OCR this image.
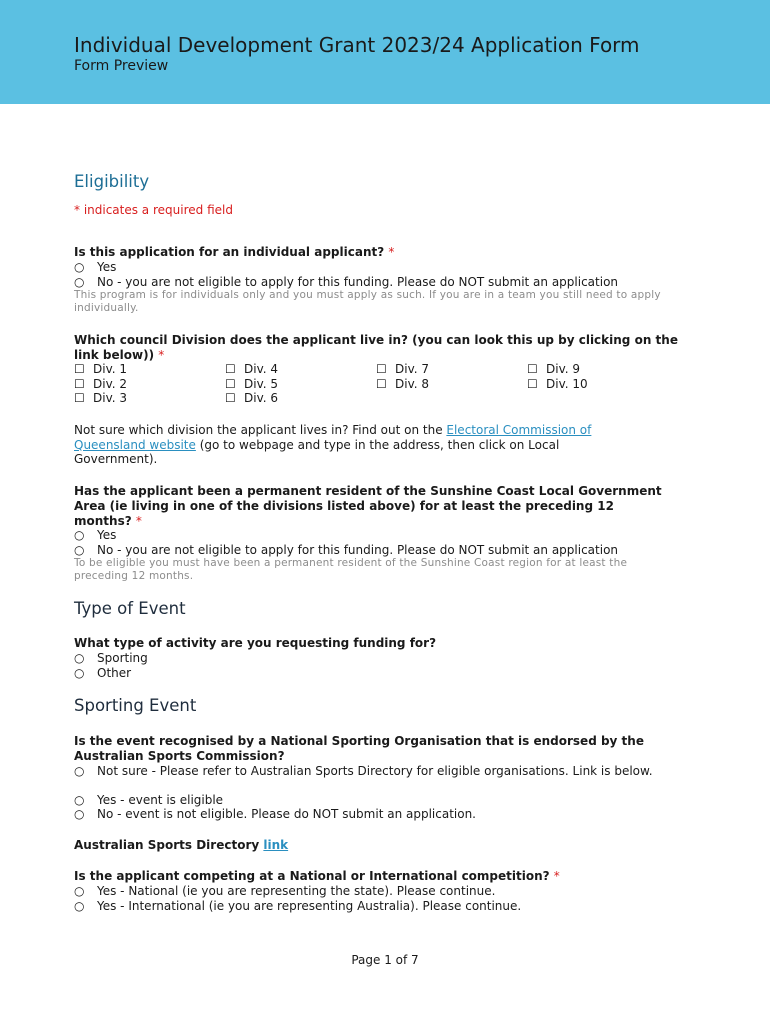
Individual Development Grant 2023/24 Application Form
Form Preview
Eligibility
* indicates a required field
Is this application for an individual applicant? *
○ Yes
○ No - you are not eligible to apply for this funding. Please do NOT submit an application
This program is for individuals only and you must apply as such. If you are in a team you still need to apply individually.
Which council Division does the applicant live in? (you can look this up by clicking on the link below)) *
☐ Div. 1
☐ Div. 2
☐ Div. 3
☐ Div. 4
☐ Div. 5
☐ Div. 6
☐ Div. 7
☐ Div. 8
☐ Div. 9
☐ Div. 10
Not sure which division the applicant lives in? Find out on the Electoral Commission of Queensland website (go to webpage and type in the address, then click on Local Government).
Has the applicant been a permanent resident of the Sunshine Coast Local Government Area (ie living in one of the divisions listed above) for at least the preceding 12 months? *
○ Yes
○ No - you are not eligible to apply for this funding. Please do NOT submit an application
To be eligible you must have been a permanent resident of the Sunshine Coast region for at least the preceding 12 months.
Type of Event
What type of activity are you requesting funding for?
○ Sporting
○ Other
Sporting Event
Is the event recognised by a National Sporting Organisation that is endorsed by the Australian Sports Commission?
○ Not sure - Please refer to Australian Sports Directory for eligible organisations. Link is below.
○ Yes - event is eligible
○ No - event is not eligible. Please do NOT submit an application.
Australian Sports Directory link
Is the applicant competing at a National or International competition? *
○ Yes - National (ie you are representing the state). Please continue.
○ Yes - International (ie you are representing Australia). Please continue.
Page 1 of 7
